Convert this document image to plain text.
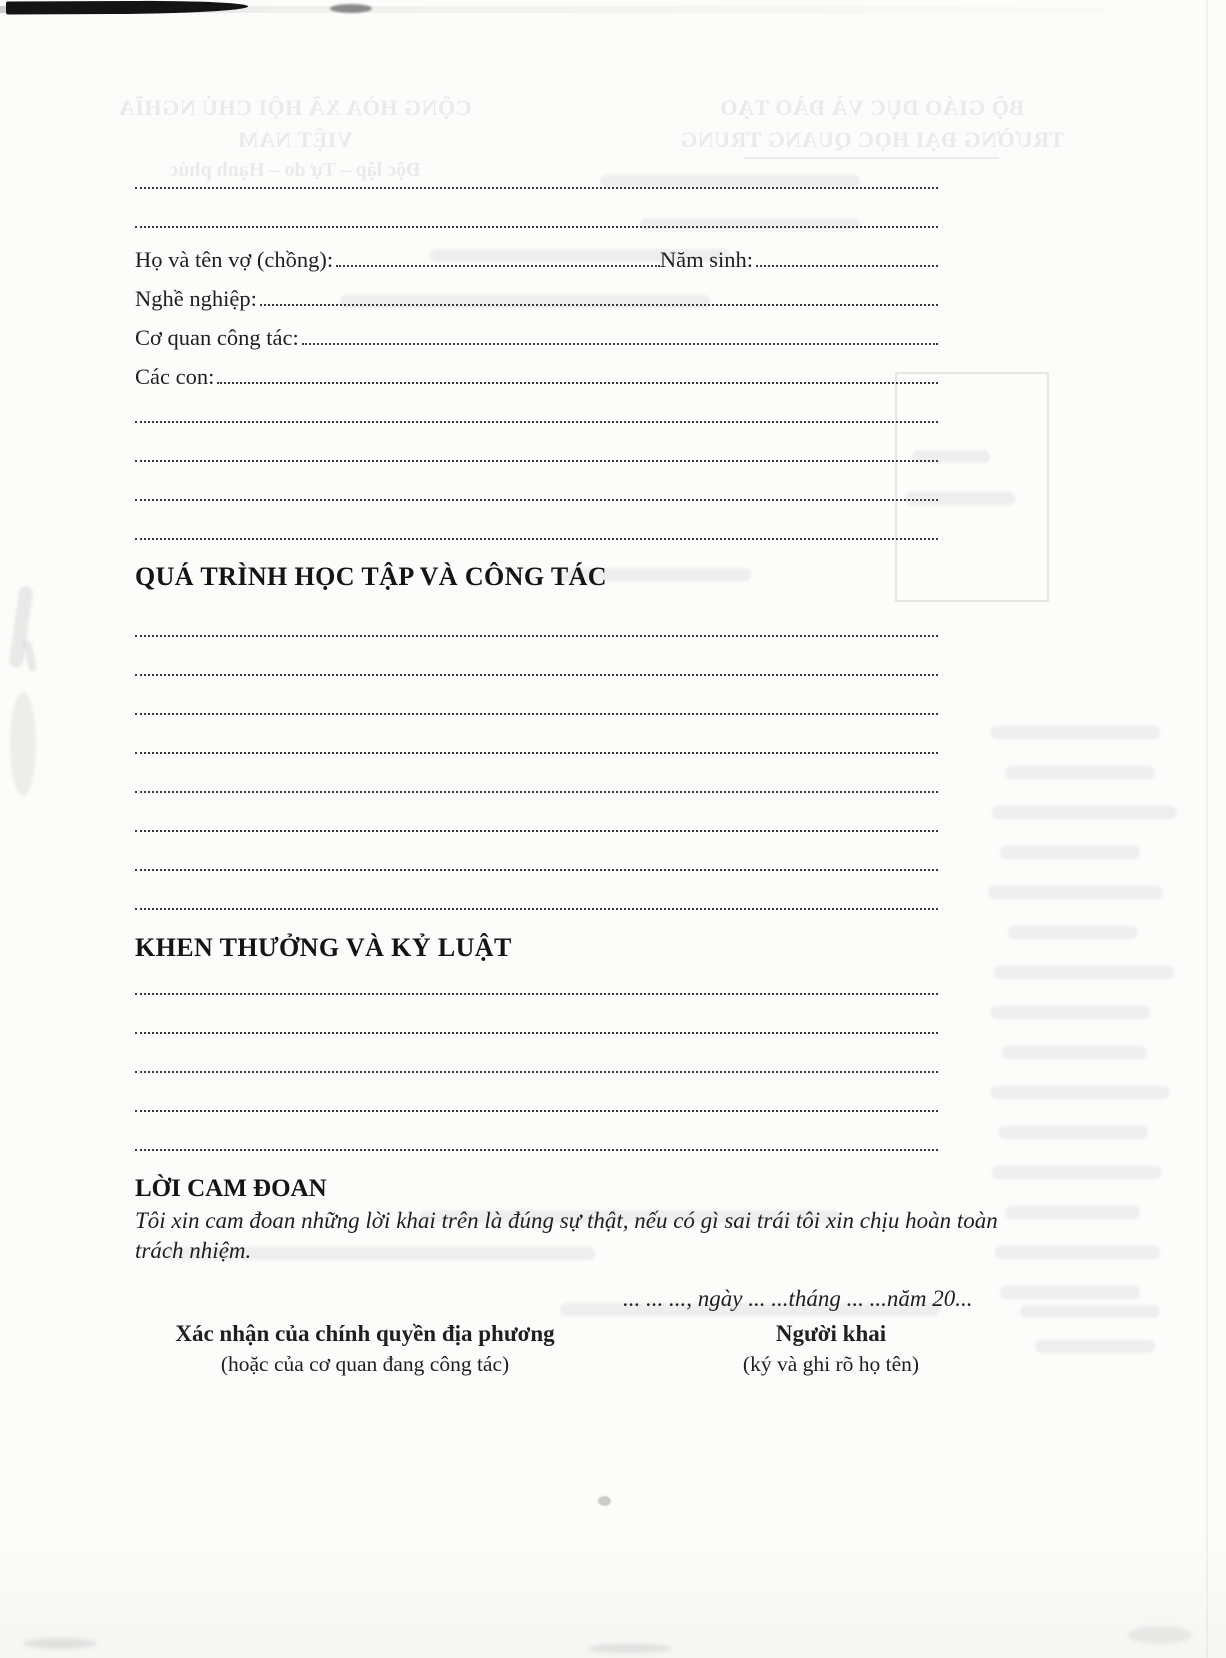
CỘNG HÒA XÃ HỘI CHỦ NGHĨA VIỆT NAM
Độc lập – Tự do – Hạnh phúc
BỘ GIÁO DỤC VÀ ĐÀO TẠO
TRƯỜNG ĐẠI HỌC QUANG TRUNG
Họ và tên vợ (chồng):	Năm sinh:
Nghề nghiệp:
Cơ quan công tác:
Các con:
QUÁ TRÌNH HỌC TẬP VÀ CÔNG TÁC
KHEN THƯỞNG VÀ KỶ LUẬT
LỜI CAM ĐOAN
Tôi xin cam đoan những lời khai trên là đúng sự thật, nếu có gì sai trái tôi xin chịu hoàn toàn
trách nhiệm.
... ... ..., ngày ... ...tháng ... ...năm 20...
Xác nhận của chính quyền địa phương
(hoặc của cơ quan đang công tác)
Người khai
(ký và ghi rõ họ tên)
